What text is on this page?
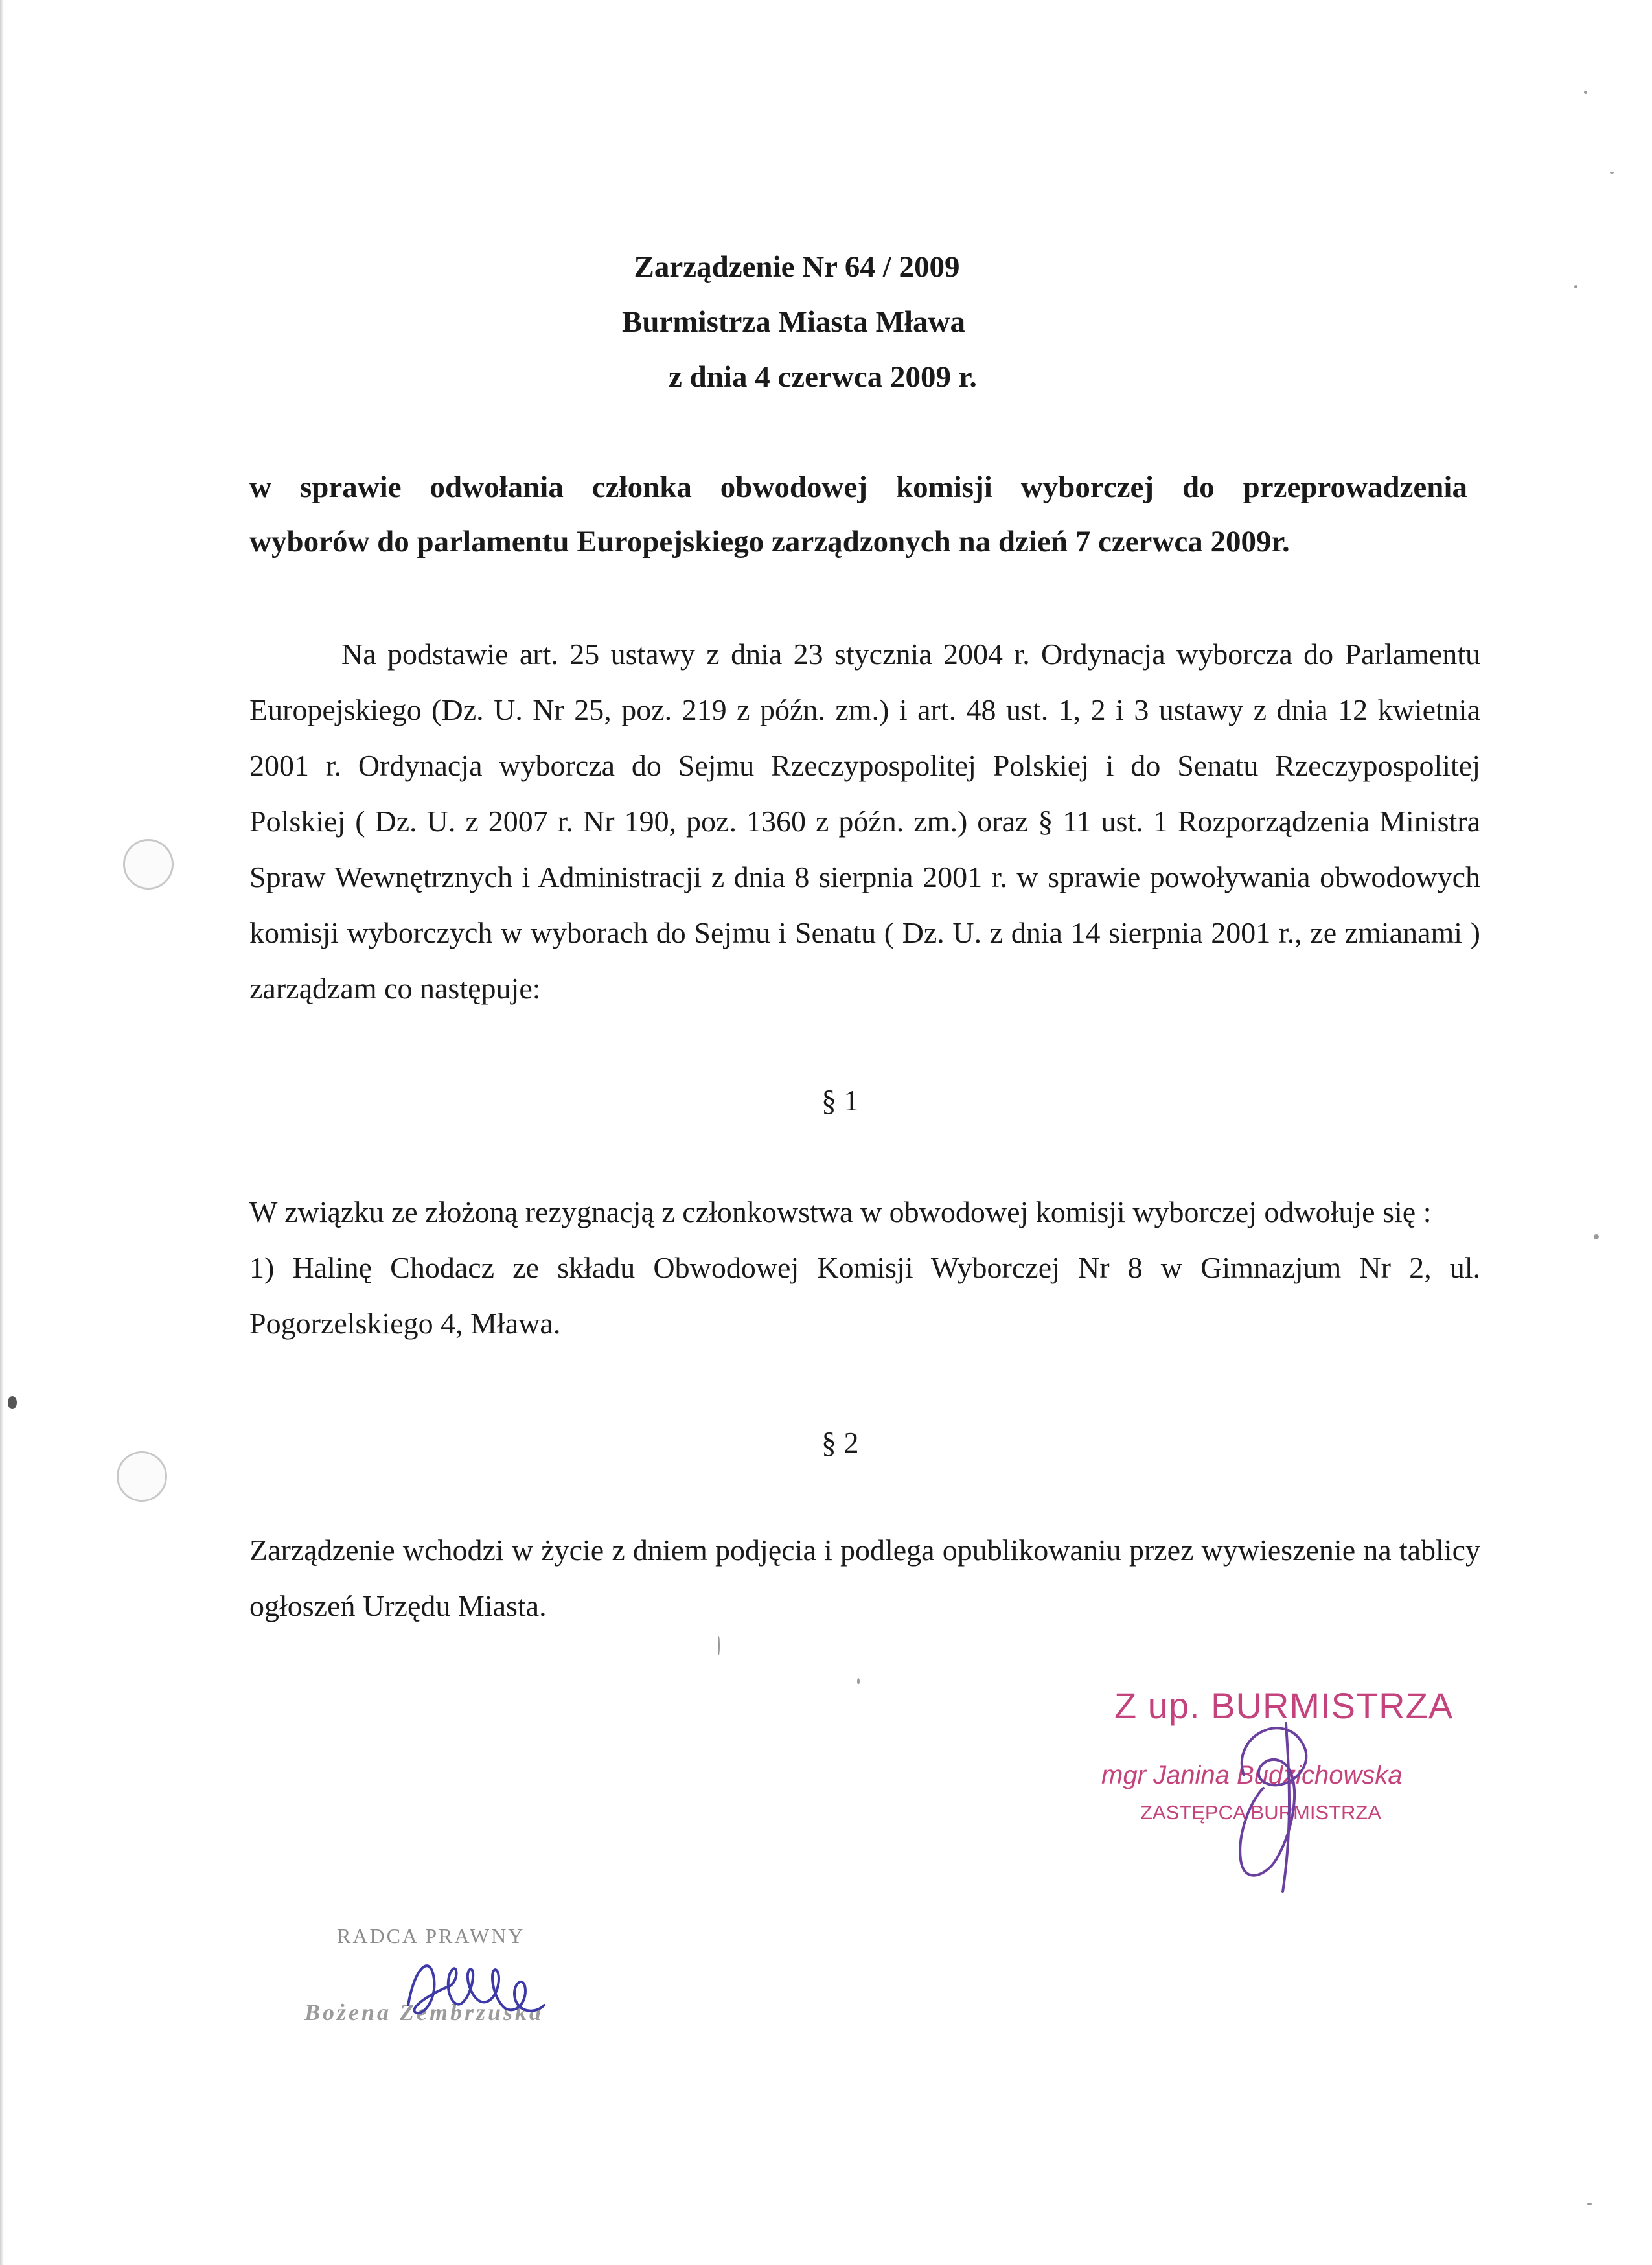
Zarządzenie Nr 64 / 2009
Burmistrza Miasta Mława
z dnia 4 czerwca 2009 r.
w sprawie odwołania członka obwodowej komisji wyborczej do przeprowadzenia
wyborów do parlamentu Europejskiego zarządzonych na dzień 7 czerwca 2009r.
Na podstawie art. 25 ustawy z dnia 23 stycznia 2004 r. Ordynacja wyborcza do Parlamentu Europejskiego (Dz. U. Nr 25, poz. 219 z późn. zm.) i art. 48 ust. 1, 2 i 3 ustawy z dnia 12 kwietnia 2001 r. Ordynacja wyborcza do Sejmu Rzeczypospolitej Polskiej i do Senatu Rzeczypospolitej Polskiej ( Dz. U. z 2007 r. Nr 190, poz. 1360 z późn. zm.) oraz § 11 ust. 1 Rozporządzenia Ministra Spraw Wewnętrznych i Administracji z dnia 8 sierpnia 2001 r. w sprawie powoływania obwodowych komisji wyborczych w wyborach do Sejmu i Senatu ( Dz. U. z dnia 14 sierpnia 2001 r., ze zmianami ) zarządzam co następuje:
§ 1
W związku ze złożoną rezygnacją z członkowstwa w obwodowej komisji wyborczej odwołuje się :
1) Halinę Chodacz ze składu Obwodowej Komisji Wyborczej Nr 8 w Gimnazjum Nr 2, ul. Pogorzelskiego 4, Mława.
§ 2
Zarządzenie wchodzi w życie z dniem podjęcia i podlega opublikowaniu przez wywieszenie na tablicy ogłoszeń Urzędu Miasta.
Z up. BURMISTRZA
mgr Janina Budzichowska
ZASTĘPCA BURMISTRZA
RADCA PRAWNY
Bożena Zembrzuska
